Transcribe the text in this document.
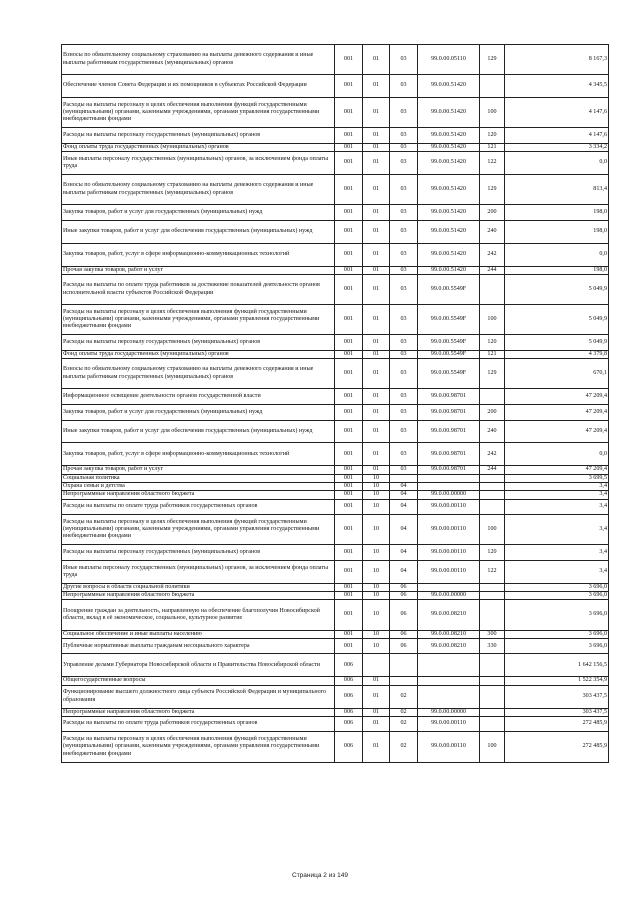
Взносы по обязательному социальному страхованию на выплаты денежного содержания и иные выплаты работникам государственных (муниципальных) органов	001	01	03	99.0.00.05110	129	8 167,3
Обеспечение членов Совета Федерации и их помощников в субъектах Российской Федерации	001	01	03	99.0.00.51420		4 345,5
Расходы на выплаты персоналу в целях обеспечения выполнения функций государственными (муниципальными) органами, казенными учреждениями, органами управления государственными внебюджетными фондами	001	01	03	99.0.00.51420	100	4 147,6
Расходы на выплаты персоналу государственных (муниципальных) органов	001	01	03	99.0.00.51420	120	4 147,6
Фонд оплаты труда государственных (муниципальных) органов	001	01	03	99.0.00.51420	121	3 334,2
Иные выплаты персоналу государственных (муниципальных) органов, за исключением фонда оплаты труда	001	01	03	99.0.00.51420	122	0,0
Взносы по обязательному социальному страхованию на выплаты денежного содержания и иные выплаты работникам государственных (муниципальных) органов	001	01	03	99.0.00.51420	129	813,4
Закупка товаров, работ и услуг для государственных (муниципальных) нужд	001	01	03	99.0.00.51420	200	198,0
Иные закупки товаров, работ и услуг для обеспечения государственных (муниципальных) нужд	001	01	03	99.0.00.51420	240	198,0
Закупка товаров, работ, услуг в сфере информационно-коммуникационных технологий	001	01	03	99.0.00.51420	242	0,0
Прочая закупка товаров, работ и услуг	001	01	03	99.0.00.51420	244	198,0
Расходы на выплаты по оплате труда работников за достижение показателей деятельности органов исполнительной власти субъектов Российской Федерации	001	01	03	99.0.00.5549F		5 049,9
Расходы на выплаты персоналу в целях обеспечения выполнения функций государственными (муниципальными) органами, казенными учреждениями, органами управления государственными внебюджетными фондами	001	01	03	99.0.00.5549F	100	5 049,9
Расходы на выплаты персоналу государственных (муниципальных) органов	001	01	03	99.0.00.5549F	120	5 049,9
Фонд оплаты труда государственных (муниципальных) органов	001	01	03	99.0.00.5549F	121	4 379,8
Взносы по обязательному социальному страхованию на выплаты денежного содержания и иные выплаты работникам государственных (муниципальных) органов	001	01	03	99.0.00.5549F	129	670,1
Информационное освещение деятельности органов государственной власти	001	01	03	99.0.00.98701		47 209,4
Закупка товаров, работ и услуг для государственных (муниципальных) нужд	001	01	03	99.0.00.98701	200	47 209,4
Иные закупки товаров, работ и услуг для обеспечения государственных (муниципальных) нужд	001	01	03	99.0.00.98701	240	47 209,4
Закупка товаров, работ, услуг в сфере информационно-коммуникационных технологий	001	01	03	99.0.00.98701	242	0,0
Прочая закупка товаров, работ и услуг	001	01	03	99.0.00.98701	244	47 209,4
Социальная политика	001	10				3 699,5
Охрана семьи и детства	001	10	04			3,4
Непрограммные направления областного бюджета	001	10	04	99.0.00.00000		3,4
Расходы на выплаты по оплате труда работников государственных органов	001	10	04	99.0.00.00110		3,4
Расходы на выплаты персоналу в целях обеспечения выполнения функций государственными (муниципальными) органами, казенными учреждениями, органами управления государственными внебюджетными фондами	001	10	04	99.0.00.00110	100	3,4
Расходы на выплаты персоналу государственных (муниципальных) органов	001	10	04	99.0.00.00110	120	3,4
Иные выплаты персоналу государственных (муниципальных) органов, за исключением фонда оплаты труда	001	10	04	99.0.00.00110	122	3,4
Другие вопросы в области социальной политики	001	10	06			3 696,0
Непрограммные направления областного бюджета	001	10	06	99.0.00.00000		3 696,0
Поощрение граждан за деятельность, направленную на обеспечение благополучия Новосибирской области, вклад в её экономическое, социальное, культурное развитие	001	10	06	99.0.00.08210		3 696,0
Социальное обеспечение и иные выплаты населению	001	10	06	99.0.00.08210	300	3 696,0
Публичные нормативные выплаты гражданам несоциального характера	001	10	06	99.0.00.08210	330	3 696,0
Управление делами Губернатора Новосибирской области и Правительства Новосибирской области	006					1 642 156,5
Общегосударственные вопросы	006	01				1 522 354,9
Функционирование высшего должностного лица субъекта Российской Федерации и муниципального образования	006	01	02			303 437,5
Непрограммные направления областного бюджета	006	01	02	99.0.00.00000		303 437,5
Расходы на выплаты по оплате труда работников государственных органов	006	01	02	99.0.00.00110		272 485,9
Расходы на выплаты персоналу в целях обеспечения выполнения функций государственными (муниципальными) органами, казенными учреждениями, органами управления государственными внебюджетными фондами	006	01	02	99.0.00.00110	100	272 485,9
Страница 2 из 149
